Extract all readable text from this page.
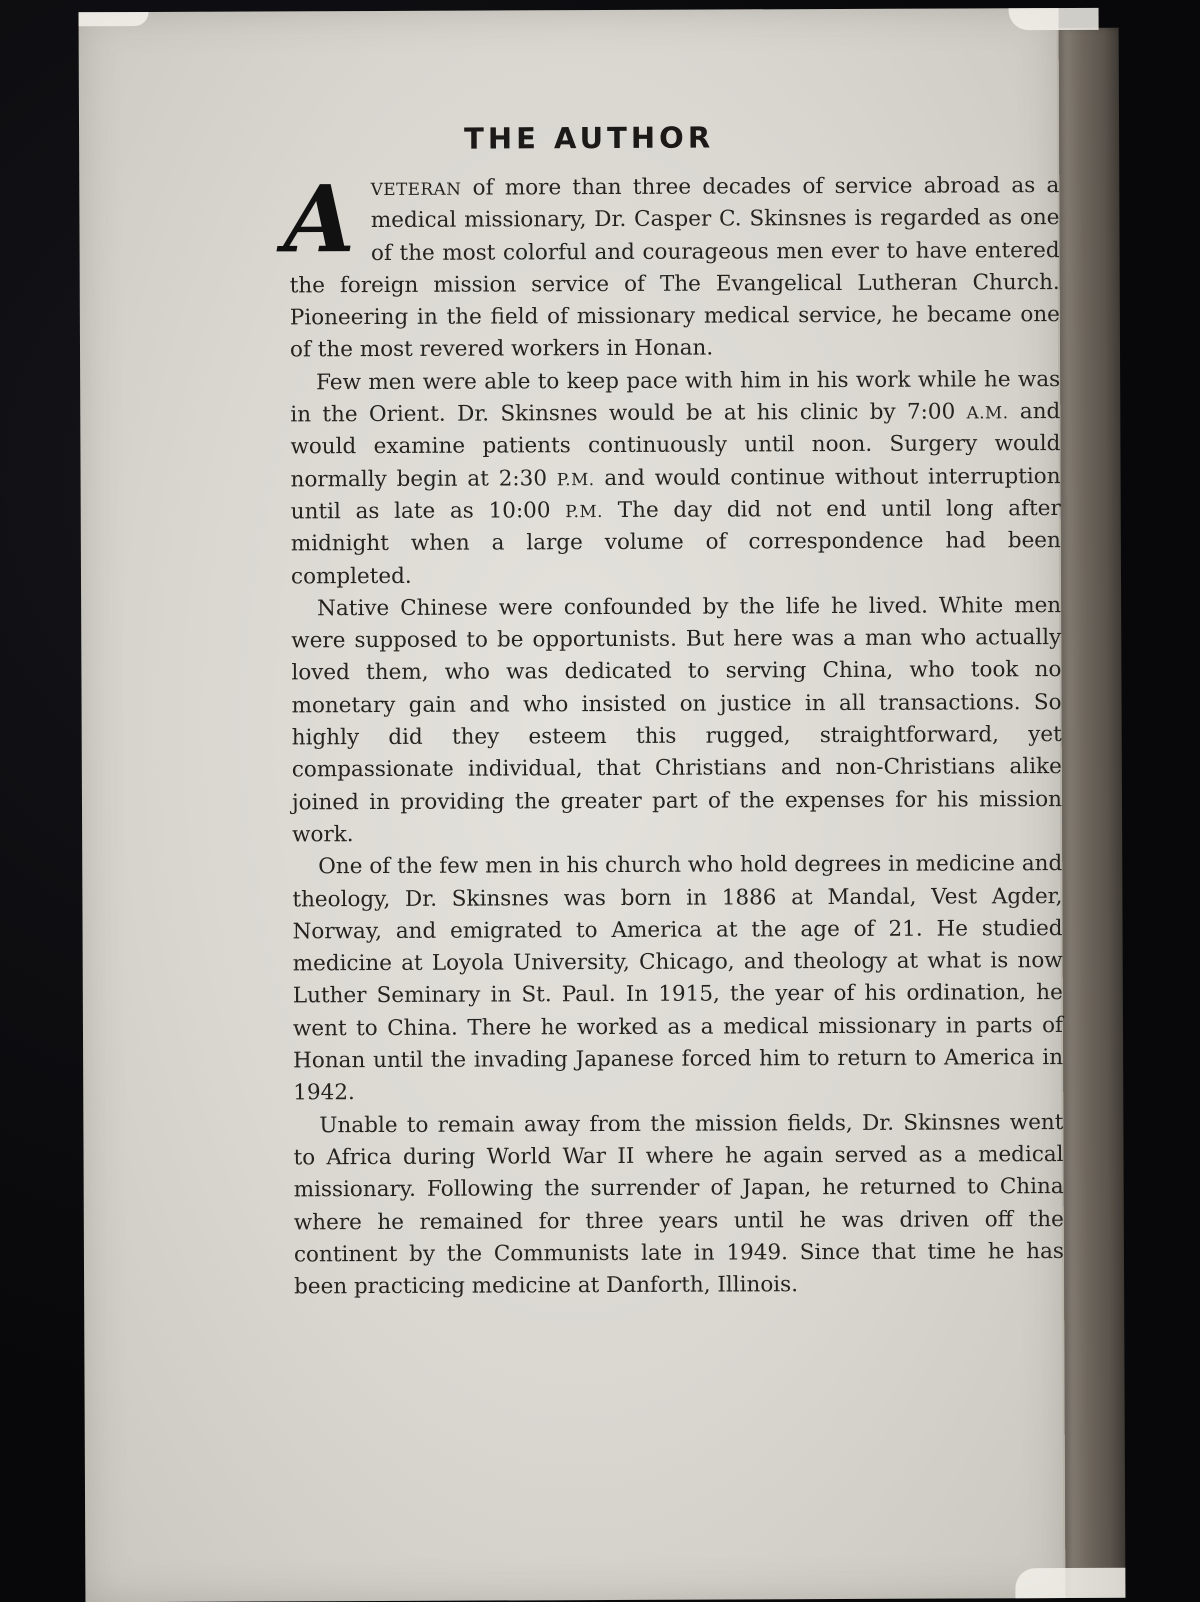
THE AUTHOR

AVETERAN of more than three decades of service abroad as a medical missionary, Dr. Casper C. Skinsnes is regarded as one of the most colorful and courageous men ever to have entered the foreign mission service of The Evangelical Lutheran Church. Pioneering in the field of missionary medical service, he became one of the most revered workers in Honan.

Few men were able to keep pace with him in his work while he was in the Orient. Dr. Skinsnes would be at his clinic by 7:00 A.M. and would examine patients continuously until noon. Surgery would normally begin at 2:30 P.M. and would continue without interruption until as late as 10:00 P.M. The day did not end until long after midnight when a large volume of correspondence had been completed.

Native Chinese were confounded by the life he lived. White men were supposed to be opportunists. But here was a man who actually loved them, who was dedicated to serving China, who took no monetary gain and who insisted on justice in all transactions. So highly did they esteem this rugged, straightforward, yet compassionate individual, that Christians and non-Christians alike joined in providing the greater part of the expenses for his mission work.

One of the few men in his church who hold degrees in medicine and theology, Dr. Skinsnes was born in 1886 at Mandal, Vest Agder, Norway, and emigrated to America at the age of 21. He studied medicine at Loyola University, Chicago, and theology at what is now Luther Seminary in St. Paul. In 1915, the year of his ordination, he went to China. There he worked as a medical missionary in parts of Honan until the invading Japanese forced him to return to America in 1942.

Unable to remain away from the mission fields, Dr. Skinsnes went to Africa during World War II where he again served as a medical missionary. Following the surrender of Japan, he returned to China where he remained for three years until he was driven off the continent by the Communists late in 1949. Since that time he has been practicing medicine at Danforth, Illinois.
